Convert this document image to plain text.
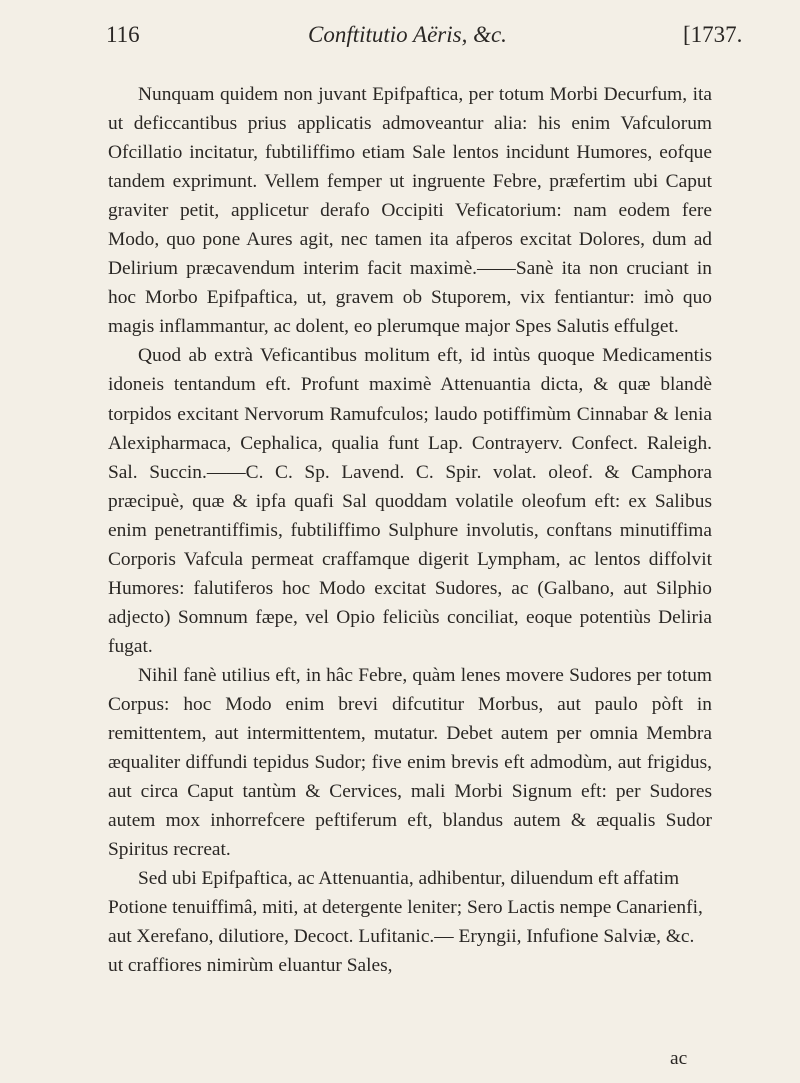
116	Conftitutio Aëris, &c.	[1737.

Nunquam quidem non juvant Epifpaftica, per totum Morbi Decurfum, ita ut deficcantibus prius applicatis admoveantur alia: his enim Vafculorum Ofcillatio incitatur, fubtiliffimo etiam Sale lentos incidunt Humores, eofque tandem exprimunt. Vellem femper ut ingruente Febre, præfertim ubi Caput graviter petit, applicetur derafo Occipiti Veficatorium: nam eodem fere Modo, quo pone Aures agit, nec tamen ita afperos excitat Dolores, dum ad Delirium præcavendum interim facit maximè.——Sanè ita non cruciant in hoc Morbo Epifpaftica, ut, gravem ob Stuporem, vix fentiantur: imò quo magis inflammantur, ac dolent, eo plerumque major Spes Salutis effulget.

Quod ab extrà Veficantibus molitum eft, id intùs quoque Medicamentis idoneis tentandum eft. Profunt maximè Attenuantia dicta, & quæ blandè torpidos excitant Nervorum Ramufculos; laudo potiffimùm Cinnabar & lenia Alexipharmaca, Cephalica, qualia funt Lap. Contrayerv. Confect. Raleigh. Sal. Succin.——C. C. Sp. Lavend. C. Spir. volat. oleof. & Camphora præcipuè, quæ & ipfa quafi Sal quoddam volatile oleofum eft: ex Salibus enim penetrantiffimis, fubtiliffimo Sulphure involutis, conftans minutiffima Corporis Vafcula permeat craffamque digerit Lympham, ac lentos diffolvit Humores: falutiferos hoc Modo excitat Sudores, ac (Galbano, aut Silphio adjecto) Somnum fæpe, vel Opio feliciùs conciliat, eoque potentiùs Deliria fugat.

Nihil fanè utilius eft, in hâc Febre, quàm lenes movere Sudores per totum Corpus: hoc Modo enim brevi difcutitur Morbus, aut paulo pòft in remittentem, aut intermittentem, mutatur. Debet autem per omnia Membra æqualiter diffundi tepidus Sudor; five enim brevis eft admodùm, aut frigidus, aut circa Caput tantùm & Cervices, mali Morbi Signum eft: per Sudores autem mox inhorrefcere peftiferum eft, blandus autem & æqualis Sudor Spiritus recreat.

Sed ubi Epifpaftica, ac Attenuantia, adhibentur, diluendum eft affatim Potione tenuiffimâ, miti, at detergente leniter; Sero Lactis nempe Canarienfi, aut Xerefano, dilutiore, Decoct. Lufitanic.— Eryngii, Infufione Salviæ, &c. ut craffiores nimirùm eluantur Sales,

ac
